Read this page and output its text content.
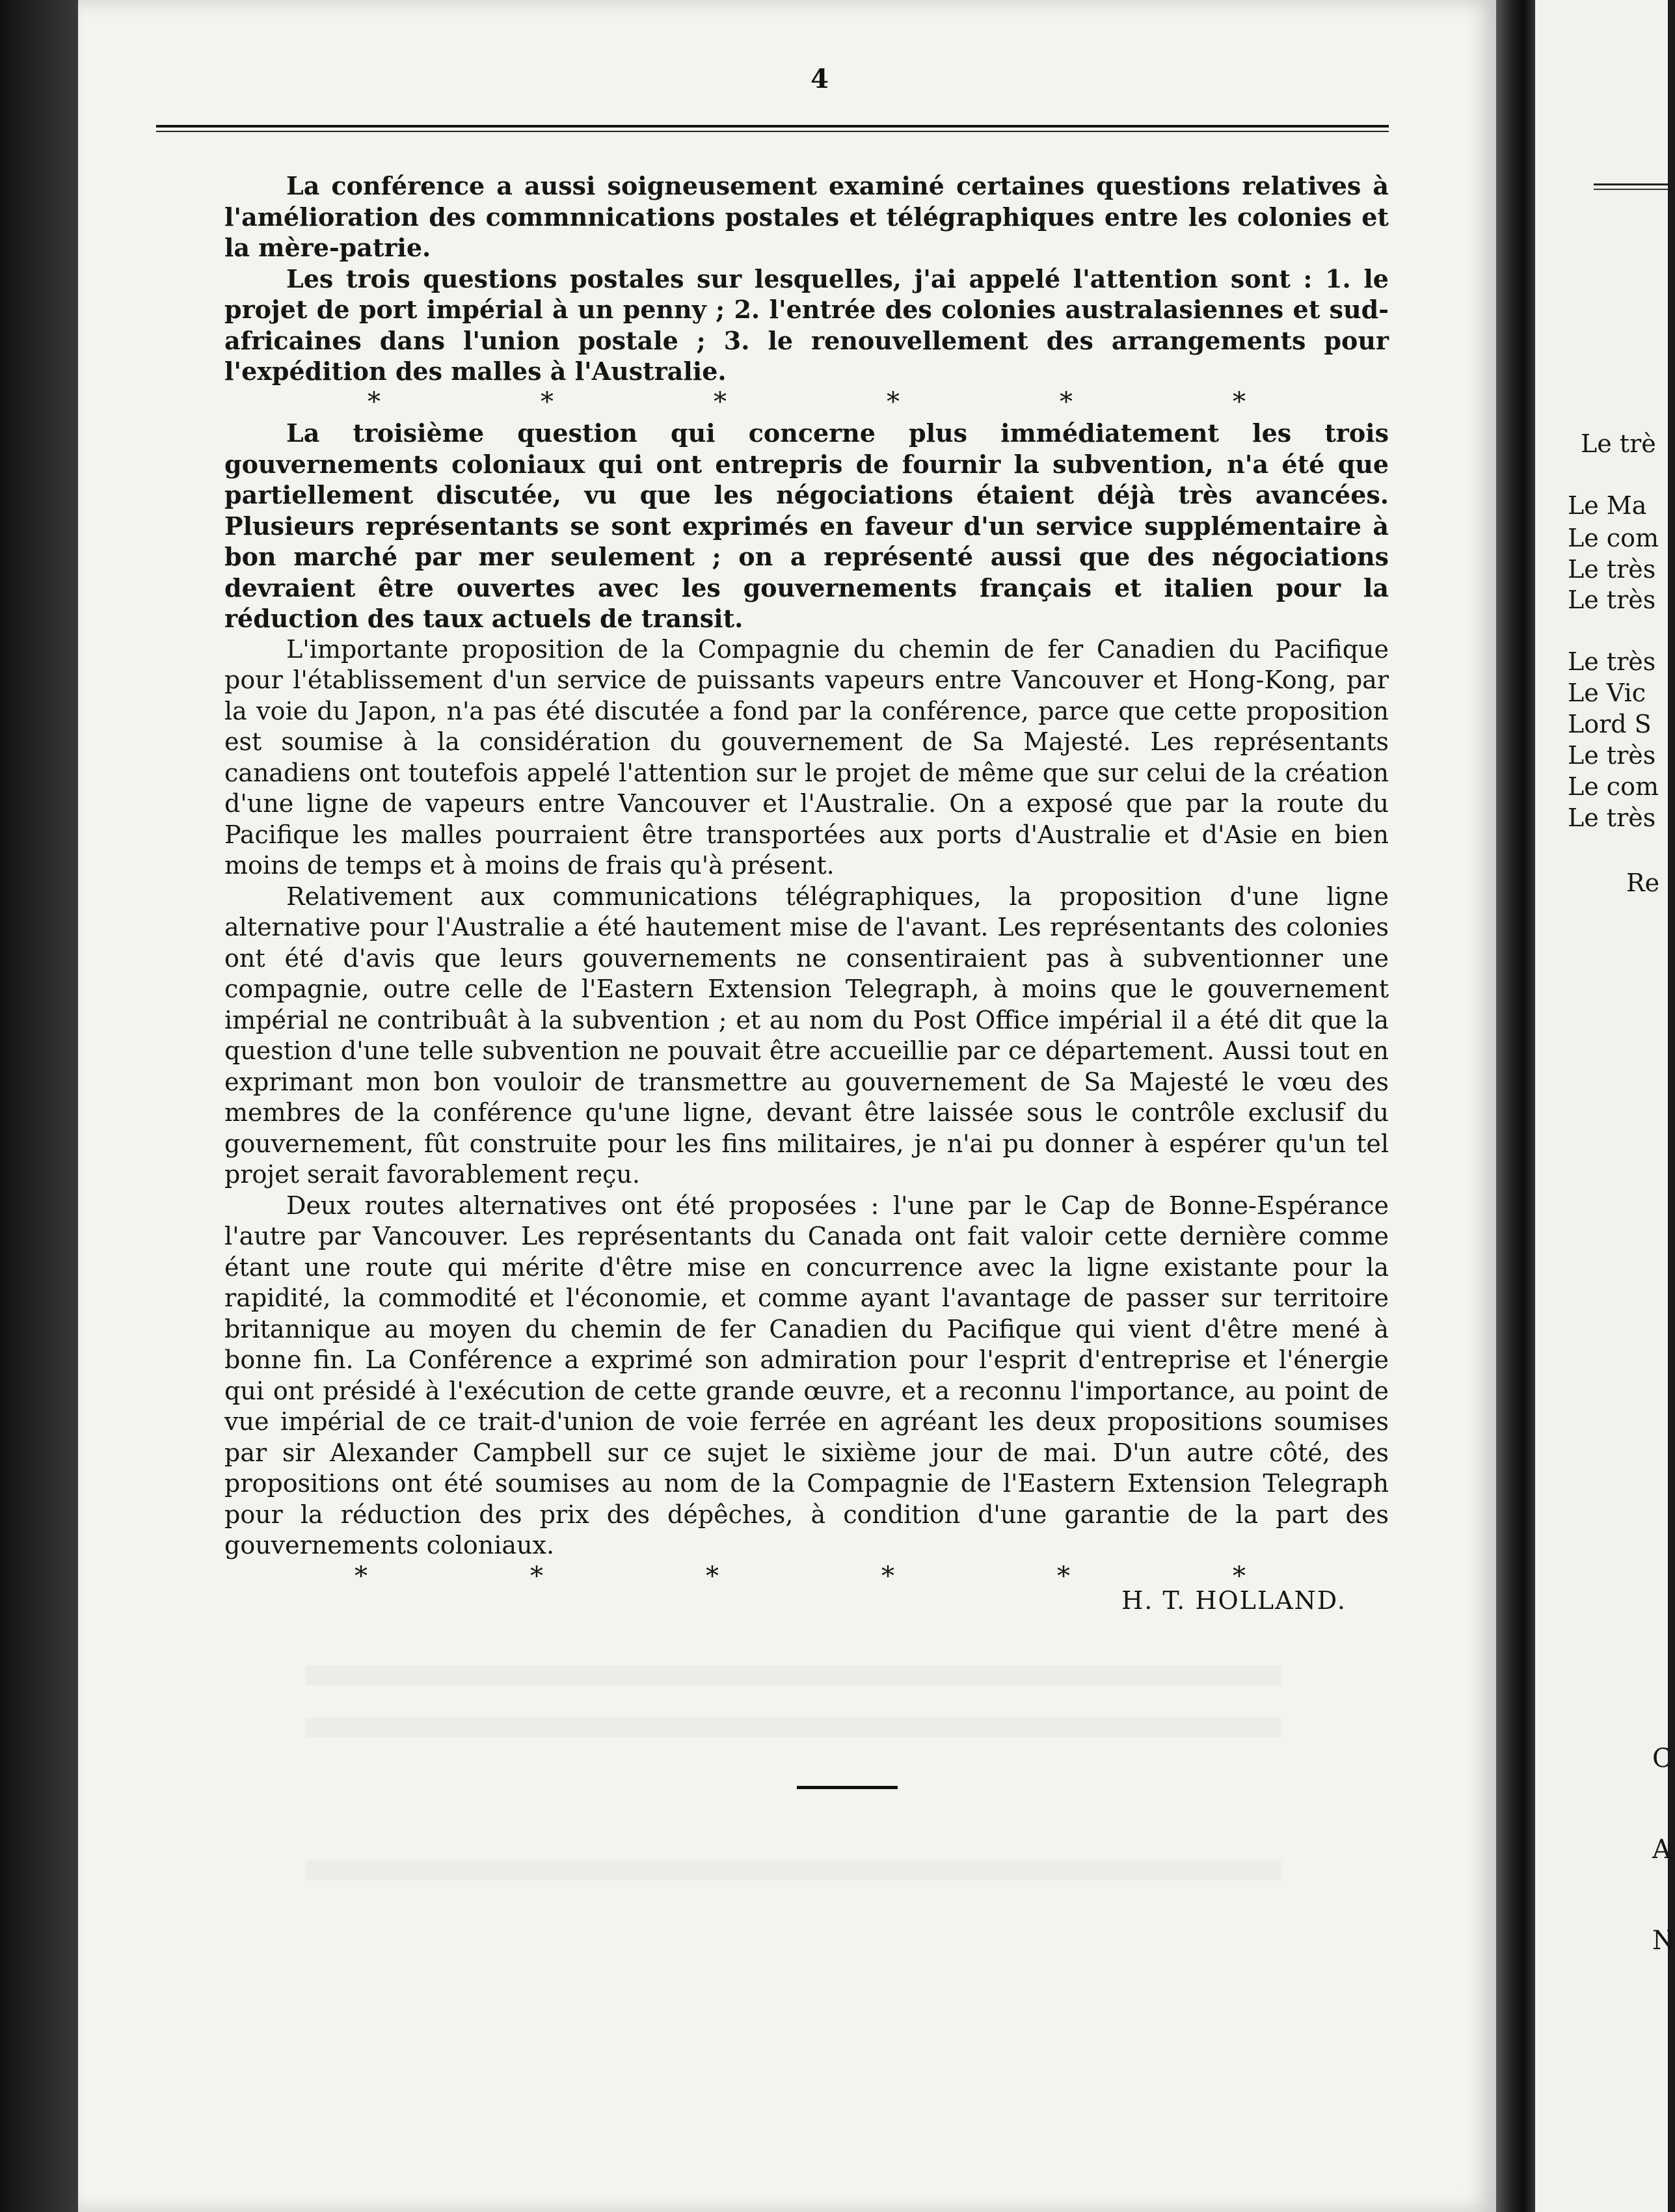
4

La conférence a aussi soigneusement examiné certaines questions relatives à l'amélioration des commnnications postales et télégraphiques entre les colonies et la mère-patrie.

Les trois questions postales sur lesquelles, j'ai appelé l'attention sont : 1. le projet de port impérial à un penny ; 2. l'entrée des colonies australasiennes et sud-africaines dans l'union postale ; 3. le renouvellement des arrangements pour l'expédition des malles à l'Australie.

*	*	*	*	*	*

La troisième question qui concerne plus immédiatement les trois gouvernements coloniaux qui ont entrepris de fournir la subvention, n'a été que partiellement discutée, vu que les négociations étaient déjà très avancées. Plusieurs représentants se sont exprimés en faveur d'un service supplémentaire à bon marché par mer seulement ; on a représenté aussi que des négociations devraient être ouvertes avec les gouvernements français et italien pour la réduction des taux actuels de transit.

L'importante proposition de la Compagnie du chemin de fer Canadien du Pacifique pour l'établissement d'un service de puissants vapeurs entre Vancouver et Hong-Kong, par la voie du Japon, n'a pas été discutée a fond par la conférence, parce que cette proposition est soumise à la considération du gouvernement de Sa Majesté. Les représentants canadiens ont toutefois appelé l'attention sur le projet de même que sur celui de la création d'une ligne de vapeurs entre Vancouver et l'Australie. On a exposé que par la route du Pacifique les malles pourraient être transportées aux ports d'Australie et d'Asie en bien moins de temps et à moins de frais qu'à présent.

Relativement aux communications télégraphiques, la proposition d'une ligne alternative pour l'Australie a été hautement mise de l'avant. Les représentants des colonies ont été d'avis que leurs gouvernements ne consentiraient pas à subventionner une compagnie, outre celle de l'Eastern Extension Telegraph, à moins que le gouvernement impérial ne contribuât à la subvention ; et au nom du Post Office impérial il a été dit que la question d'une telle subvention ne pouvait être accueillie par ce département. Aussi tout en exprimant mon bon vouloir de transmettre au gouvernement de Sa Majesté le vœu des membres de la conférence qu'une ligne, devant être laissée sous le contrôle exclusif du gouvernement, fût construite pour les fins militaires, je n'ai pu donner à espérer qu'un tel projet serait favorablement reçu.

Deux routes alternatives ont été proposées : l'une par le Cap de Bonne-Espérance l'autre par Vancouver. Les représentants du Canada ont fait valoir cette dernière comme étant une route qui mérite d'être mise en concurrence avec la ligne existante pour la rapidité, la commodité et l'économie, et comme ayant l'avantage de passer sur territoire britannique au moyen du chemin de fer Canadien du Pacifique qui vient d'être mené à bonne fin. La Conférence a exprimé son admiration pour l'esprit d'entreprise et l'énergie qui ont présidé à l'exécution de cette grande œuvre, et a reconnu l'importance, au point de vue impérial de ce trait-d'union de voie ferrée en agréant les deux propositions soumises par sir Alexander Campbell sur ce sujet le sixième jour de mai. D'un autre côté, des propositions ont été soumises au nom de la Compagnie de l'Eastern Extension Telegraph pour la réduction des prix des dépêches, à condition d'une garantie de la part des gouvernements coloniaux.

*	*	*	*	*	*
H. T. HOLLAND.
Le trè
Le Ma
Le com
Le très
Le très
Le très
Le Vic
Lord S
Le très
Le com
Le très
Re
C
A
N
